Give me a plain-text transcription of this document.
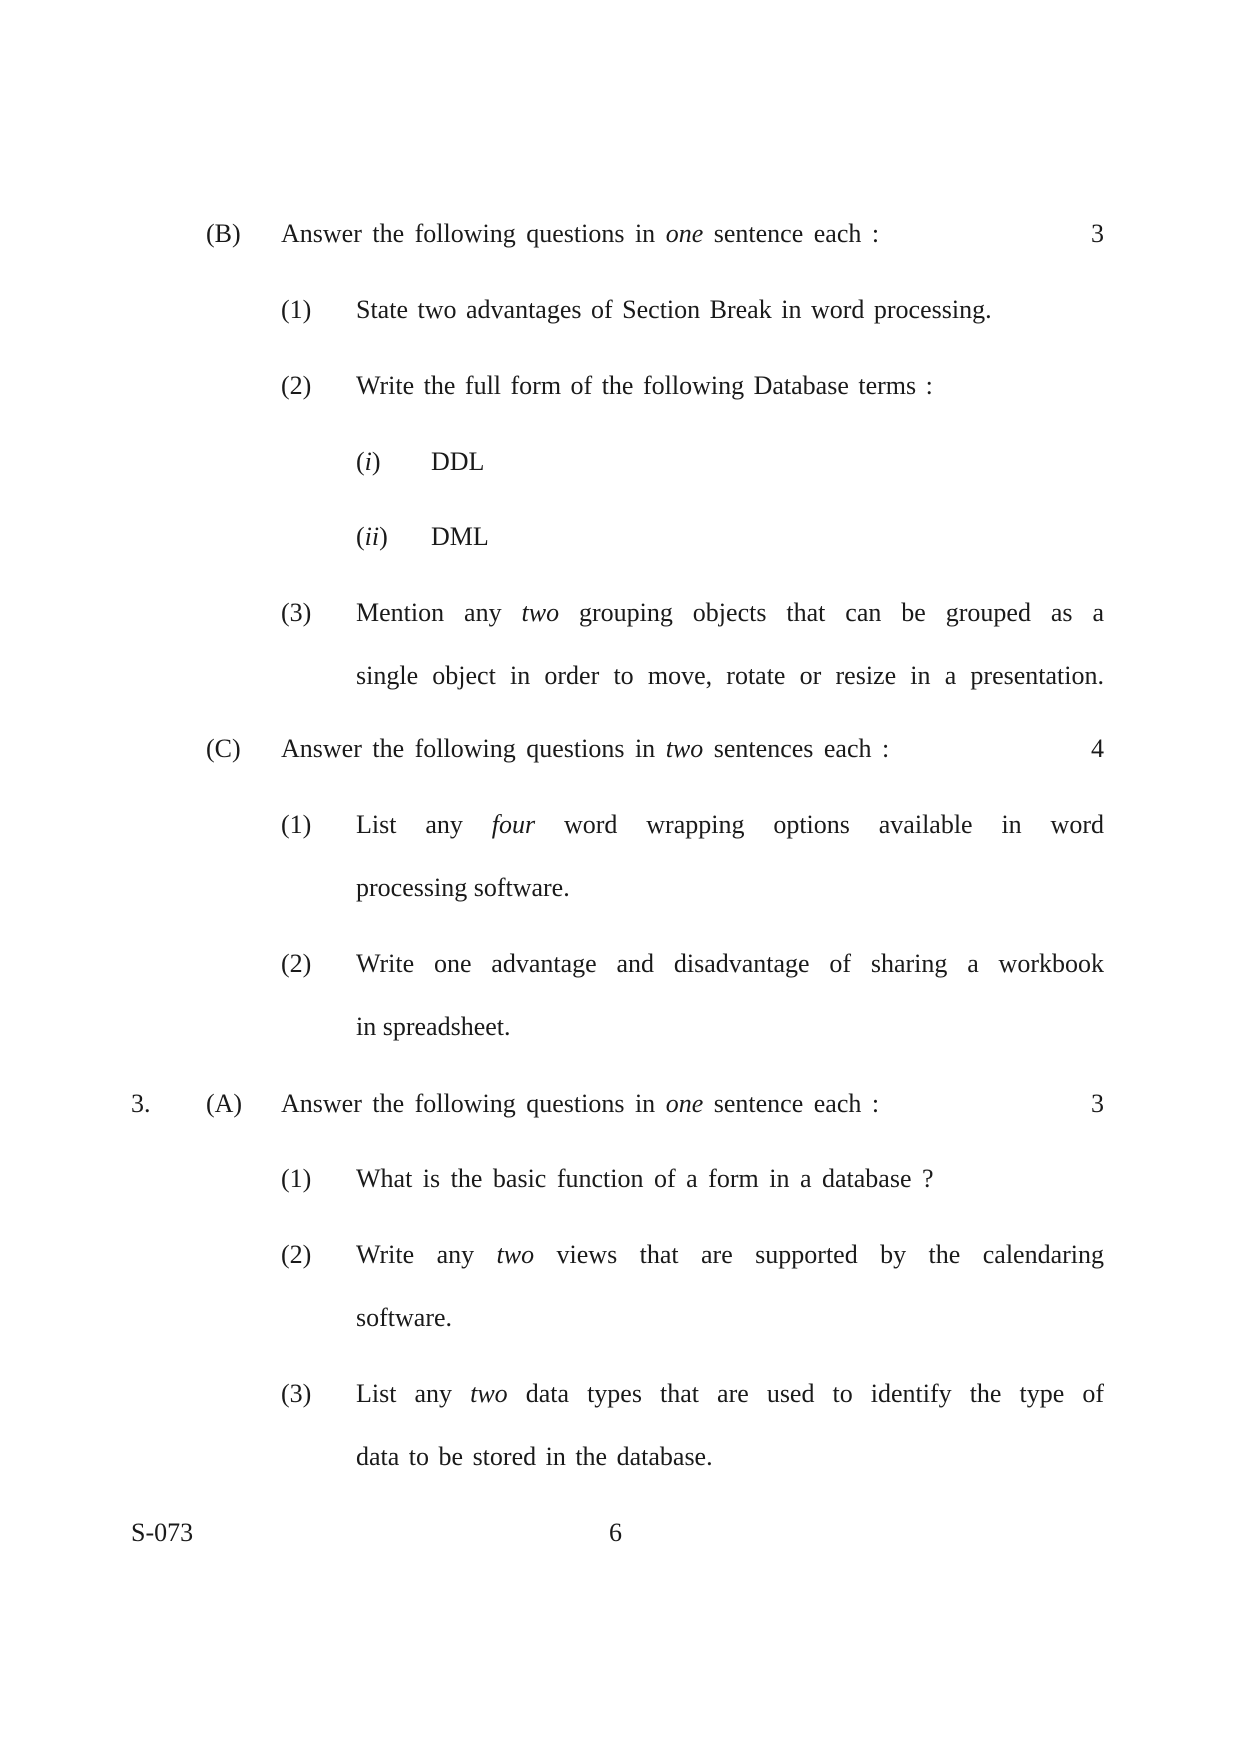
(B) Answer the following questions in one sentence each :	3
(1) State two advantages of Section Break in word processing.
(2) Write the full form of the following Database terms :
(i) DDL
(ii) DML
(3) Mention any two grouping objects that can be grouped as a
single object in order to move, rotate or resize in a presentation.
(C) Answer the following questions in two sentences each :	4
(1) List any four word wrapping options available in word
processing software.
(2) Write one advantage and disadvantage of sharing a workbook
in spreadsheet.
3. (A) Answer the following questions in one sentence each :	3
(1) What is the basic function of a form in a database ?
(2) Write any two views that are supported by the calendaring
software.
(3) List any two data types that are used to identify the type of
data to be stored in the database.
S-073	6
